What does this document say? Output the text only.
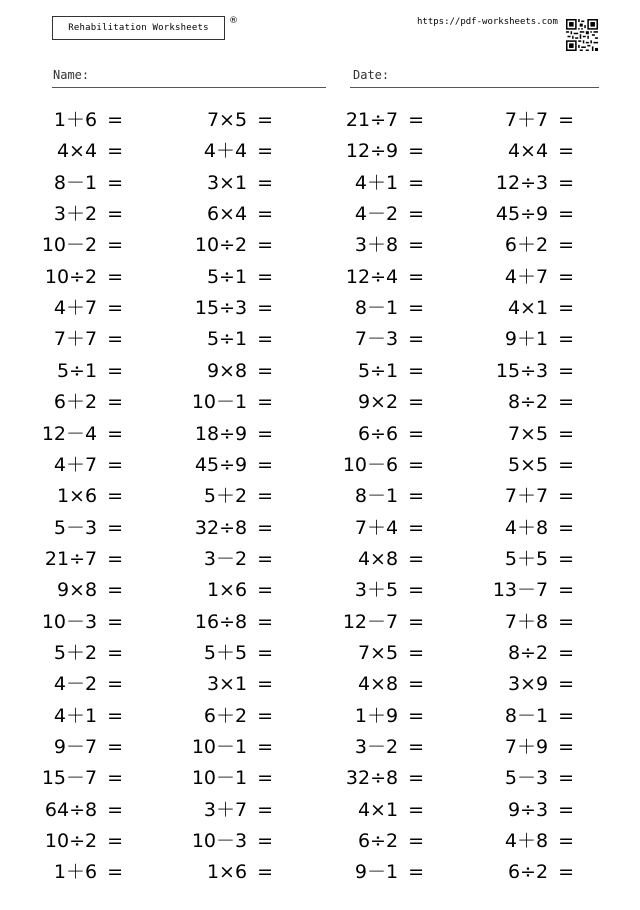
Rehabilitation Worksheets
®	https://pdf-worksheets.com
Name:	Date:
1＋6 =
4×4 =
8－1 =
3＋2 =
10－2 =
10÷2 =
4＋7 =
7＋7 =
5÷1 =
6＋2 =
12－4 =
4＋7 =
1×6 =
5－3 =
21÷7 =
9×8 =
10－3 =
5＋2 =
4－2 =
4＋1 =
9－7 =
15－7 =
64÷8 =
10÷2 =
1＋6 =
7×5 =
4＋4 =
3×1 =
6×4 =
10÷2 =
5÷1 =
15÷3 =
5÷1 =
9×8 =
10－1 =
18÷9 =
45÷9 =
5＋2 =
32÷8 =
3－2 =
1×6 =
16÷8 =
5＋5 =
3×1 =
6＋2 =
10－1 =
10－1 =
3＋7 =
10－3 =
1×6 =
21÷7 =
12÷9 =
4＋1 =
4－2 =
3＋8 =
12÷4 =
8－1 =
7－3 =
5÷1 =
9×2 =
6÷6 =
10－6 =
8－1 =
7＋4 =
4×8 =
3＋5 =
12－7 =
7×5 =
4×8 =
1＋9 =
3－2 =
32÷8 =
4×1 =
6÷2 =
9－1 =
7＋7 =
4×4 =
12÷3 =
45÷9 =
6＋2 =
4＋7 =
4×1 =
9＋1 =
15÷3 =
8÷2 =
7×5 =
5×5 =
7＋7 =
4＋8 =
5＋5 =
13－7 =
7＋8 =
8÷2 =
3×9 =
8－1 =
7＋9 =
5－3 =
9÷3 =
4＋8 =
6÷2 =
